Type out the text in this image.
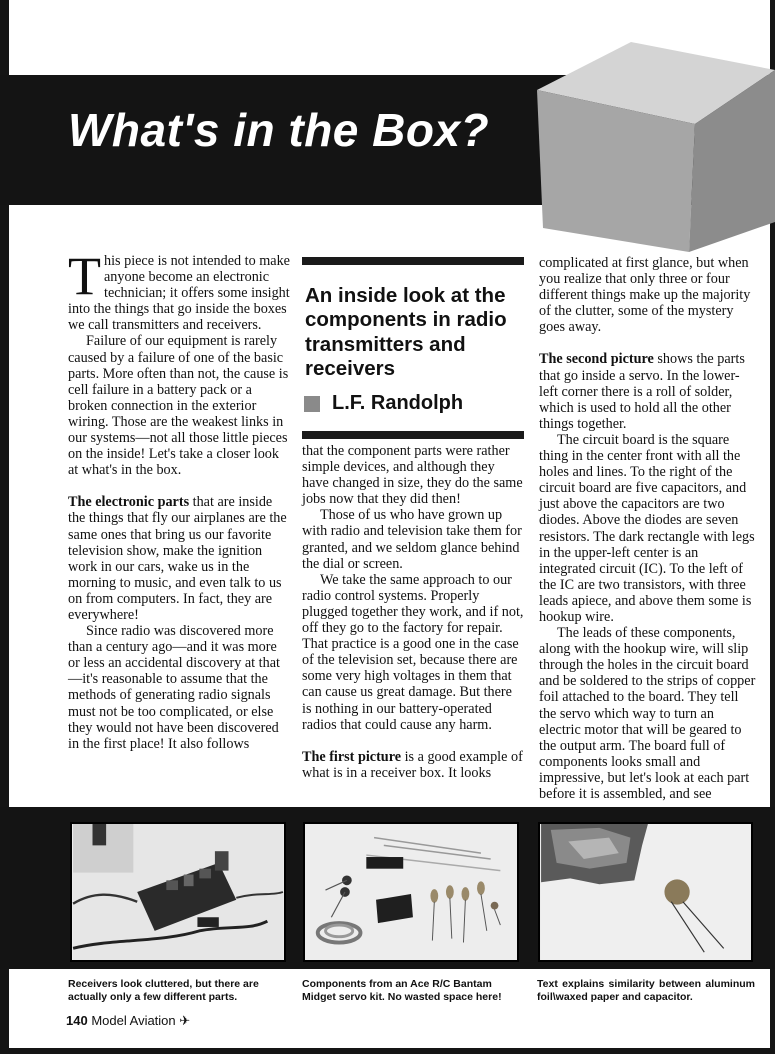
What's in the Box?

This piece is not intended to make anyone become an electronic technician; it offers some insight into the things that go inside the boxes we call transmitters and receivers.

Failure of our equipment is rarely caused by a failure of one of the basic parts. More often than not, the cause is cell failure in a battery pack or a broken connection in the exterior wiring. Those are the weakest links in our systems—not all those little pieces on the inside! Let's take a closer look at what's in the box.

The electronic parts that are inside the things that fly our airplanes are the same ones that bring us our favorite television show, make the ignition work in our cars, wake us in the morning to music, and even talk to us on from computers. In fact, they are everywhere!

Since radio was discovered more than a century ago—and it was more or less an accidental discovery at that—it's reasonable to assume that the methods of generating radio signals must not be too complicated, or else they would not have been discovered in the first place! It also follows

An inside look at the components in radio transmitters and receivers
L.F. Randolph

that the component parts were rather simple devices, and although they have changed in size, they do the same jobs now that they did then!

Those of us who have grown up with radio and television take them for granted, and we seldom glance behind the dial or screen.

We take the same approach to our radio control systems. Properly plugged together they work, and if not, off they go to the factory for repair. That practice is a good one in the case of the television set, because there are some very high voltages in them that can cause us great damage. But there is nothing in our battery-operated radios that could cause any harm.

The first picture is a good example of what is in a receiver box. It looks

complicated at first glance, but when you realize that only three or four different things make up the majority of the clutter, some of the mystery goes away.

The second picture shows the parts that go inside a servo. In the lower-left corner there is a roll of solder, which is used to hold all the other things together.

The circuit board is the square thing in the center front with all the holes and lines. To the right of the circuit board are five capacitors, and just above the capacitors are two diodes. Above the diodes are seven resistors. The dark rectangle with legs in the upper-left center is an integrated circuit (IC). To the left of the IC are two transistors, with three leads apiece, and above them some is hookup wire.

The leads of these components, along with the hookup wire, will slip through the holes in the circuit board and be soldered to the strips of copper foil attached to the board. They tell the servo which way to turn an electric motor that will be geared to the output arm. The board full of components looks small and impressive, but let's look at each part before it is assembled, and see

Receivers look cluttered, but there are actually only a few different parts.

Components from an Ace R/C Bantam Midget servo kit. No wasted space here!

Text explains similarity between aluminum foil\waxed paper and capacitor.

140 Model Aviation ✈
